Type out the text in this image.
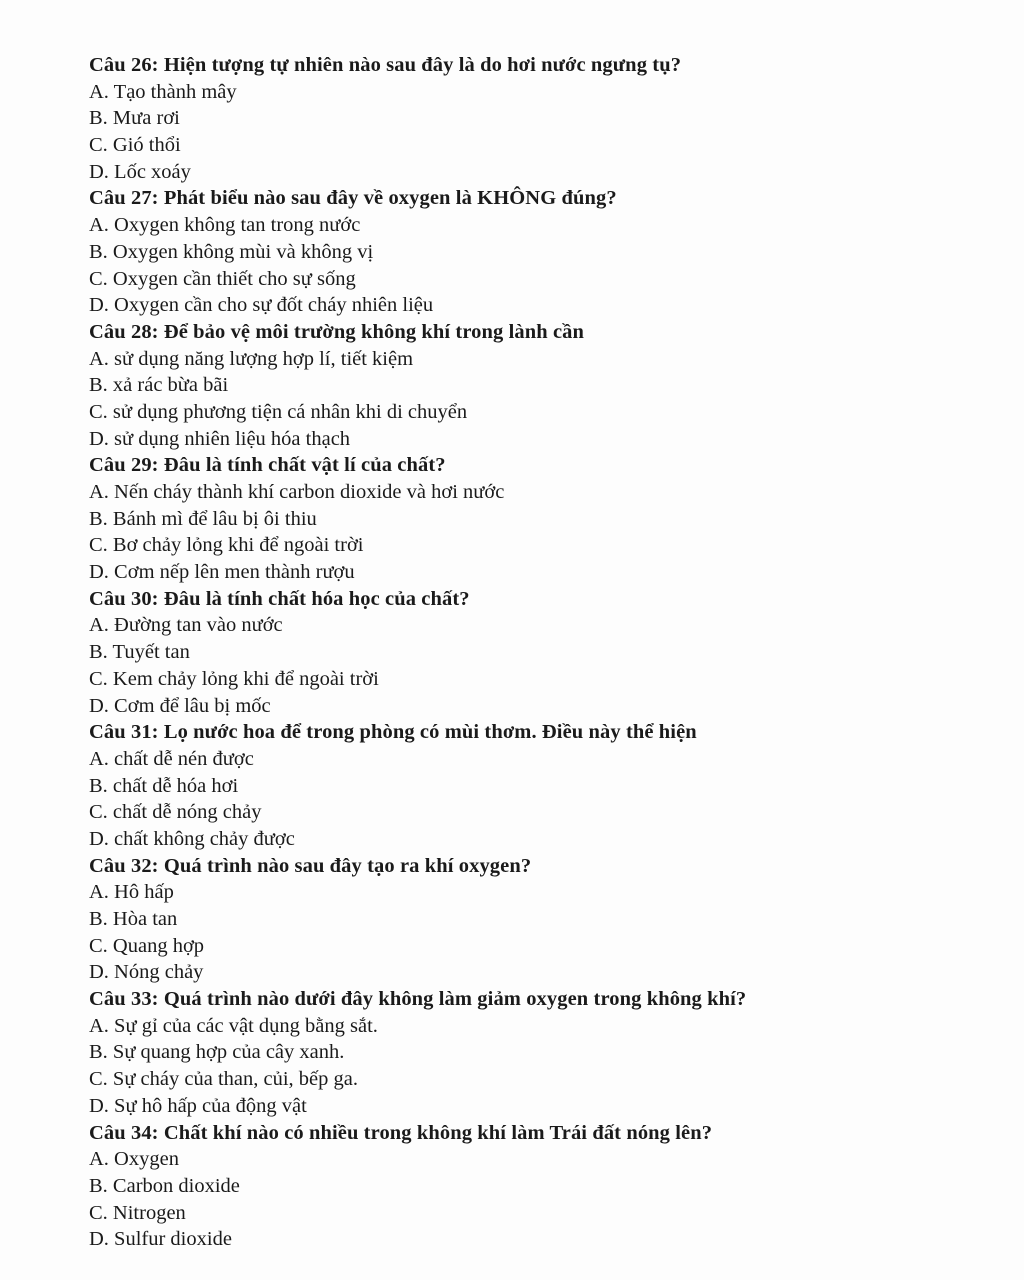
Câu 26: Hiện tượng tự nhiên nào sau đây là do hơi nước ngưng tụ?
A. Tạo thành mây
B. Mưa rơi
C. Gió thổi
D. Lốc xoáy
Câu 27: Phát biểu nào sau đây về oxygen là KHÔNG đúng?
A. Oxygen không tan trong nước
B. Oxygen không mùi và không vị
C. Oxygen cần thiết cho sự sống
D. Oxygen cần cho sự đốt cháy nhiên liệu
Câu 28: Để bảo vệ môi trường không khí trong lành cần
A. sử dụng năng lượng hợp lí, tiết kiệm
B. xả rác bừa bãi
C. sử dụng phương tiện cá nhân khi di chuyển
D. sử dụng nhiên liệu hóa thạch
Câu 29: Đâu là tính chất vật lí của chất?
A. Nến cháy thành khí carbon dioxide và hơi nước
B. Bánh mì để lâu bị ôi thiu
C. Bơ chảy lỏng khi để ngoài trời
D. Cơm nếp lên men thành rượu
Câu 30: Đâu là tính chất hóa học của chất?
A. Đường tan vào nước
B. Tuyết tan
C. Kem chảy lỏng khi để ngoài trời
D. Cơm để lâu bị mốc
Câu 31: Lọ nước hoa để trong phòng có mùi thơm. Điều này thể hiện
A. chất dễ nén được
B. chất dễ hóa hơi
C. chất dễ nóng chảy
D. chất không chảy được
Câu 32: Quá trình nào sau đây tạo ra khí oxygen?
A. Hô hấp
B. Hòa tan
C. Quang hợp
D. Nóng chảy
Câu 33: Quá trình nào dưới đây không làm giảm oxygen trong không khí?
A. Sự gỉ của các vật dụng bằng sắt.
B. Sự quang hợp của cây xanh.
C. Sự cháy của than, củi, bếp ga.
D. Sự hô hấp của động vật
Câu 34: Chất khí nào có nhiều trong không khí làm Trái đất nóng lên?
A. Oxygen
B. Carbon dioxide
C. Nitrogen
D. Sulfur dioxide
